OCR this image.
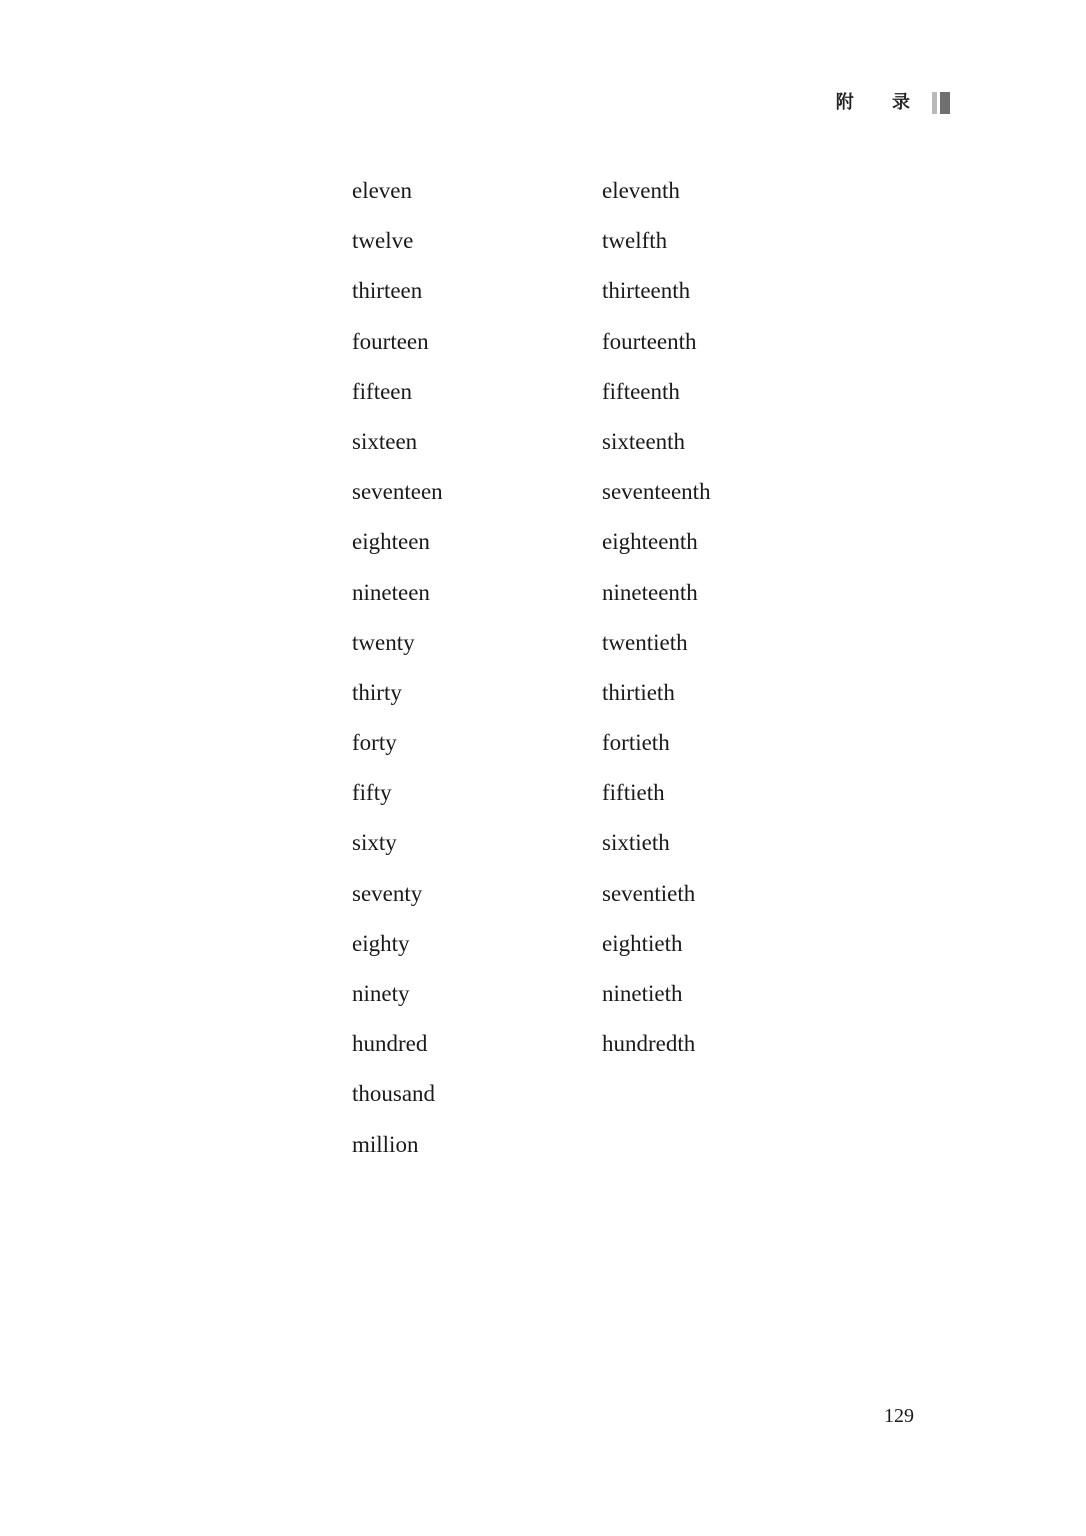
附 录
eleven	eleventh
twelve	twelfth
thirteen	thirteenth
fourteen	fourteenth
fifteen	fifteenth
sixteen	sixteenth
seventeen	seventeenth
eighteen	eighteenth
nineteen	nineteenth
twenty	twentieth
thirty	thirtieth
forty	fortieth
fifty	fiftieth
sixty	sixtieth
seventy	seventieth
eighty	eightieth
ninety	ninetieth
hundred	hundredth
thousand
million
129
